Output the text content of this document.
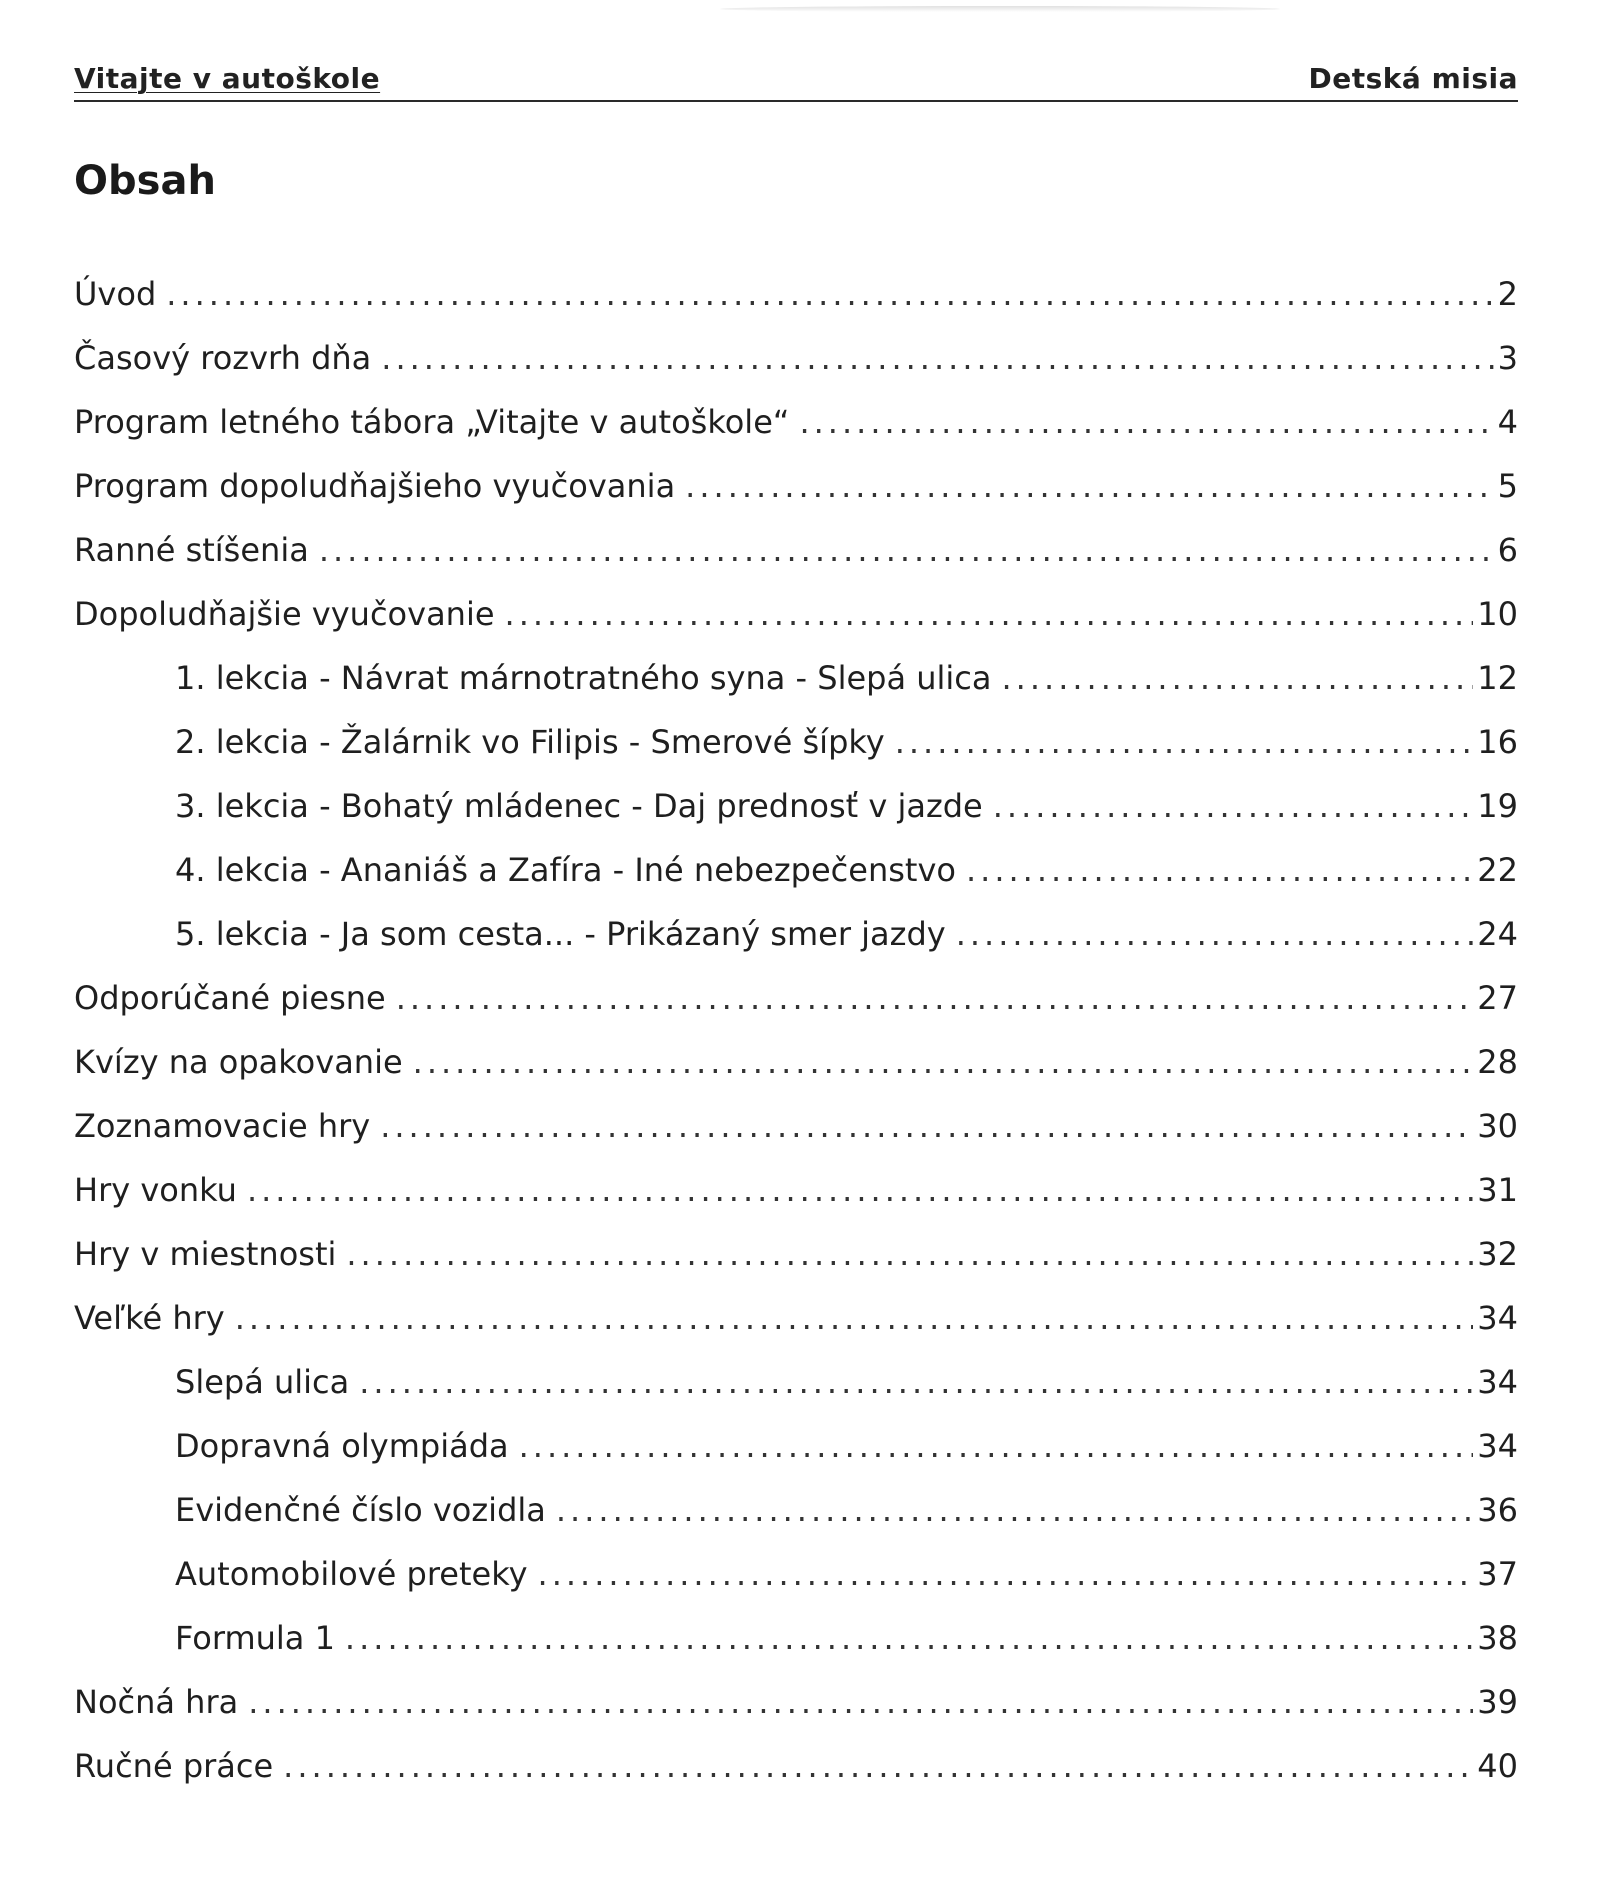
Vitajte v autoškole	Detská misia
Obsah
Úvod .....	2
Časový rozvrh dňa .....	3
Program letného tábora „Vitajte v autoškole“ .....	4
Program dopoludňajšieho vyučovania .....	5
Ranné stíšenia .....	6
Dopoludňajšie vyučovanie .....	10
1. lekcia - Návrat márnotratného syna - Slepá ulica .....	12
2. lekcia - Žalárnik vo Filipis - Smerové šípky .....	16
3. lekcia - Bohatý mládenec - Daj prednosť v jazde .....	19
4. lekcia - Ananiáš a Zafíra - Iné nebezpečenstvo .....	22
5. lekcia - Ja som cesta... - Prikázaný smer jazdy .....	24
Odporúčané piesne .....	27
Kvízy na opakovanie .....	28
Zoznamovacie hry .....	30
Hry vonku .....	31
Hry v miestnosti .....	32
Veľké hry .....	34
Slepá ulica .....	34
Dopravná olympiáda .....	34
Evidenčné číslo vozidla .....	36
Automobilové preteky .....	37
Formula 1 .....	38
Nočná hra .....	39
Ručné práce .....	40
